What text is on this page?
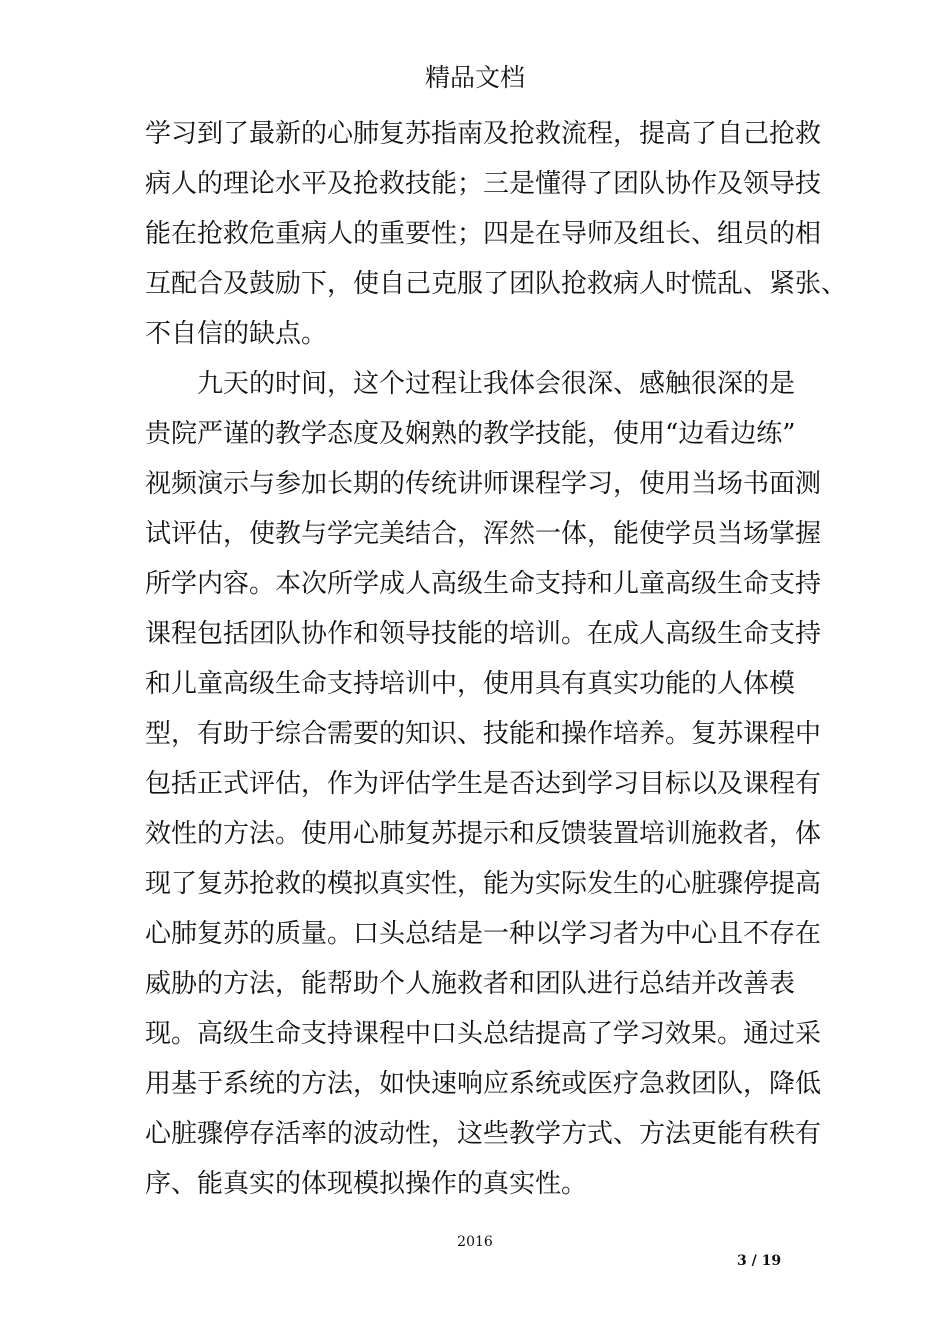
精品文档
学习到了最新的心肺复苏指南及抢救流程，提高了自己抢救
病人的理论水平及抢救技能；三是懂得了团队协作及领导技
能在抢救危重病人的重要性；四是在导师及组长、组员的相
互配合及鼓励下，使自己克服了团队抢救病人时慌乱、紧张、
不自信的缺点。
　　九天的时间，这个过程让我体会很深、感触很深的是
贵院严谨的教学态度及娴熟的教学技能，使用“边看边练”
视频演示与参加长期的传统讲师课程学习，使用当场书面测
试评估，使教与学完美结合，浑然一体，能使学员当场掌握
所学内容。本次所学成人高级生命支持和儿童高级生命支持
课程包括团队协作和领导技能的培训。在成人高级生命支持
和儿童高级生命支持培训中，使用具有真实功能的人体模
型，有助于综合需要的知识、技能和操作培养。复苏课程中
包括正式评估，作为评估学生是否达到学习目标以及课程有
效性的方法。使用心肺复苏提示和反馈装置培训施救者，体
现了复苏抢救的模拟真实性，能为实际发生的心脏骤停提高
心肺复苏的质量。口头总结是一种以学习者为中心且不存在
威胁的方法，能帮助个人施救者和团队进行总结并改善表
现。高级生命支持课程中口头总结提高了学习效果。通过采
用基于系统的方法，如快速响应系统或医疗急救团队，降低
心脏骤停存活率的波动性，这些教学方式、方法更能有秩有
序、能真实的体现模拟操作的真实性。
2016
3 / 19
